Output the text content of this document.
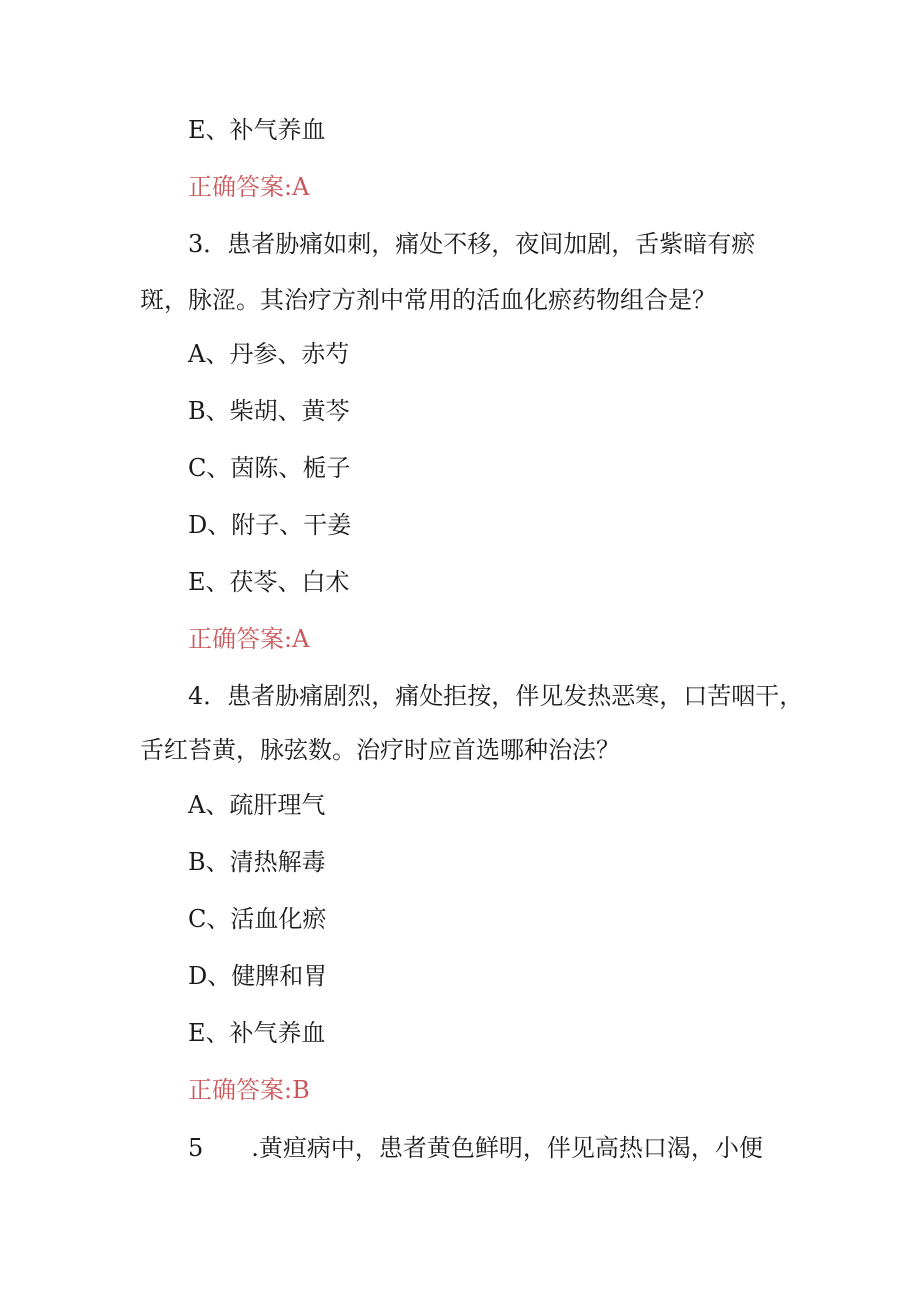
E、补气养血
正确答案:A
3．患者胁痛如刺，痛处不移，夜间加剧，舌紫暗有瘀
斑，脉涩。其治疗方剂中常用的活血化瘀药物组合是？
A、丹参、赤芍
B、柴胡、黄芩
C、茵陈、栀子
D、附子、干姜
E、茯苓、白术
正确答案:A
4．患者胁痛剧烈，痛处拒按，伴见发热恶寒，口苦咽干，
舌红苔黄，脉弦数。治疗时应首选哪种治法？
A、疏肝理气
B、清热解毒
C、活血化瘀
D、健脾和胃
E、补气养血
正确答案:B
5　　.黄疸病中，患者黄色鲜明，伴见高热口渴，小便
